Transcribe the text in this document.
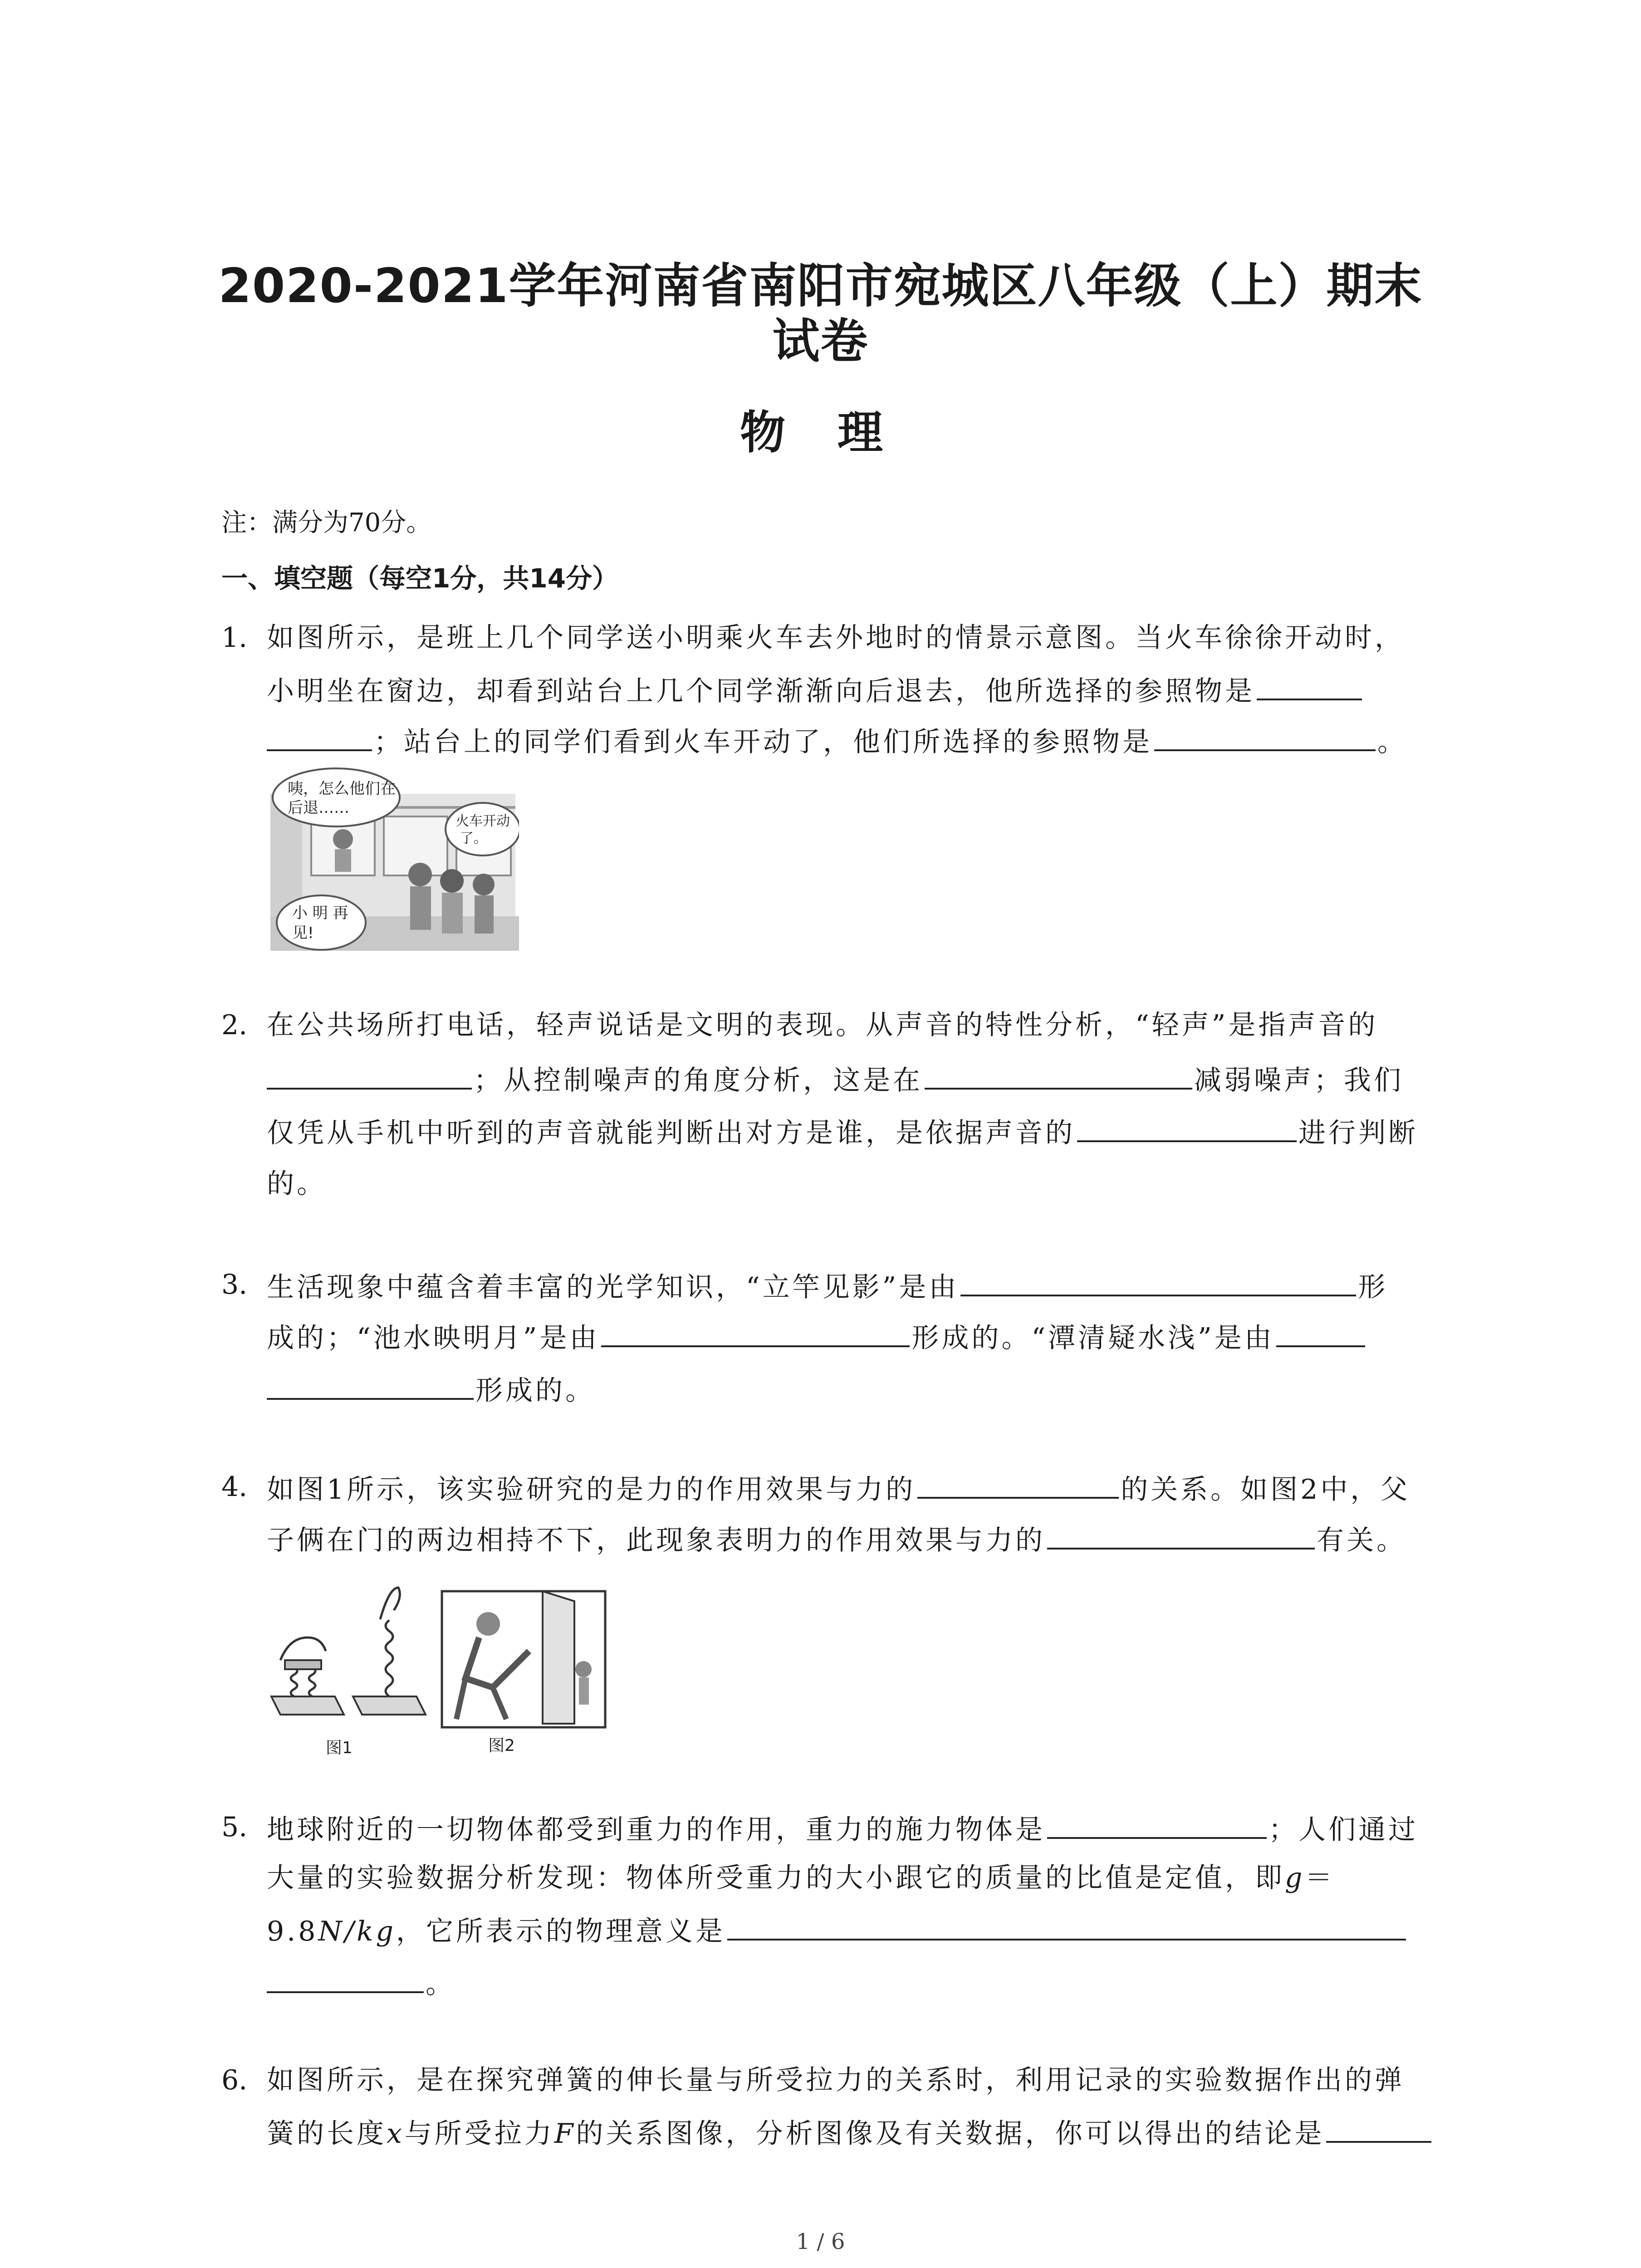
2020-2021学年河南省南阳市宛城区八年级（上）期末
试卷
物 理
注：满分为70分。
一、填空题（每空1分，共14分）
1. 如图所示，是班上几个同学送小明乘火车去外地时的情景示意图。当火车徐徐开动时，
小明坐在窗边，却看到站台上几个同学渐渐向后退去，他所选择的参照物是
；站台上的同学们看到火车开动了，他们所选择的参照物是	。
咦，怎么他们在
后退……
火车开动
了。
小 明 再
见!
2. 在公共场所打电话，轻声说话是文明的表现。从声音的特性分析，“轻声”是指声音的
；从控制噪声的角度分析，这是在	减弱噪声；我们
仅凭从手机中听到的声音就能判断出对方是谁，是依据声音的	进行判断
的。
3. 生活现象中蕴含着丰富的光学知识，“立竿见影”是由	形
成的；“池水映明月”是由	形成的。“潭清疑水浅”是由
形成的。
4. 如图1所示，该实验研究的是力的作用效果与力的	的关系。如图2中，父
子俩在门的两边相持不下，此现象表明力的作用效果与力的	有关。
图1	图2
5. 地球附近的一切物体都受到重力的作用，重力的施力物体是	；人们通过
大量的实验数据分析发现：物体所受重力的大小跟它的质量的比值是定值，即g＝
9.8N/kg，它所表示的物理意义是
。
6. 如图所示，是在探究弹簧的伸长量与所受拉力的关系时，利用记录的实验数据作出的弹
簧的长度x与所受拉力F的关系图像，分析图像及有关数据，你可以得出的结论是
1 / 6
